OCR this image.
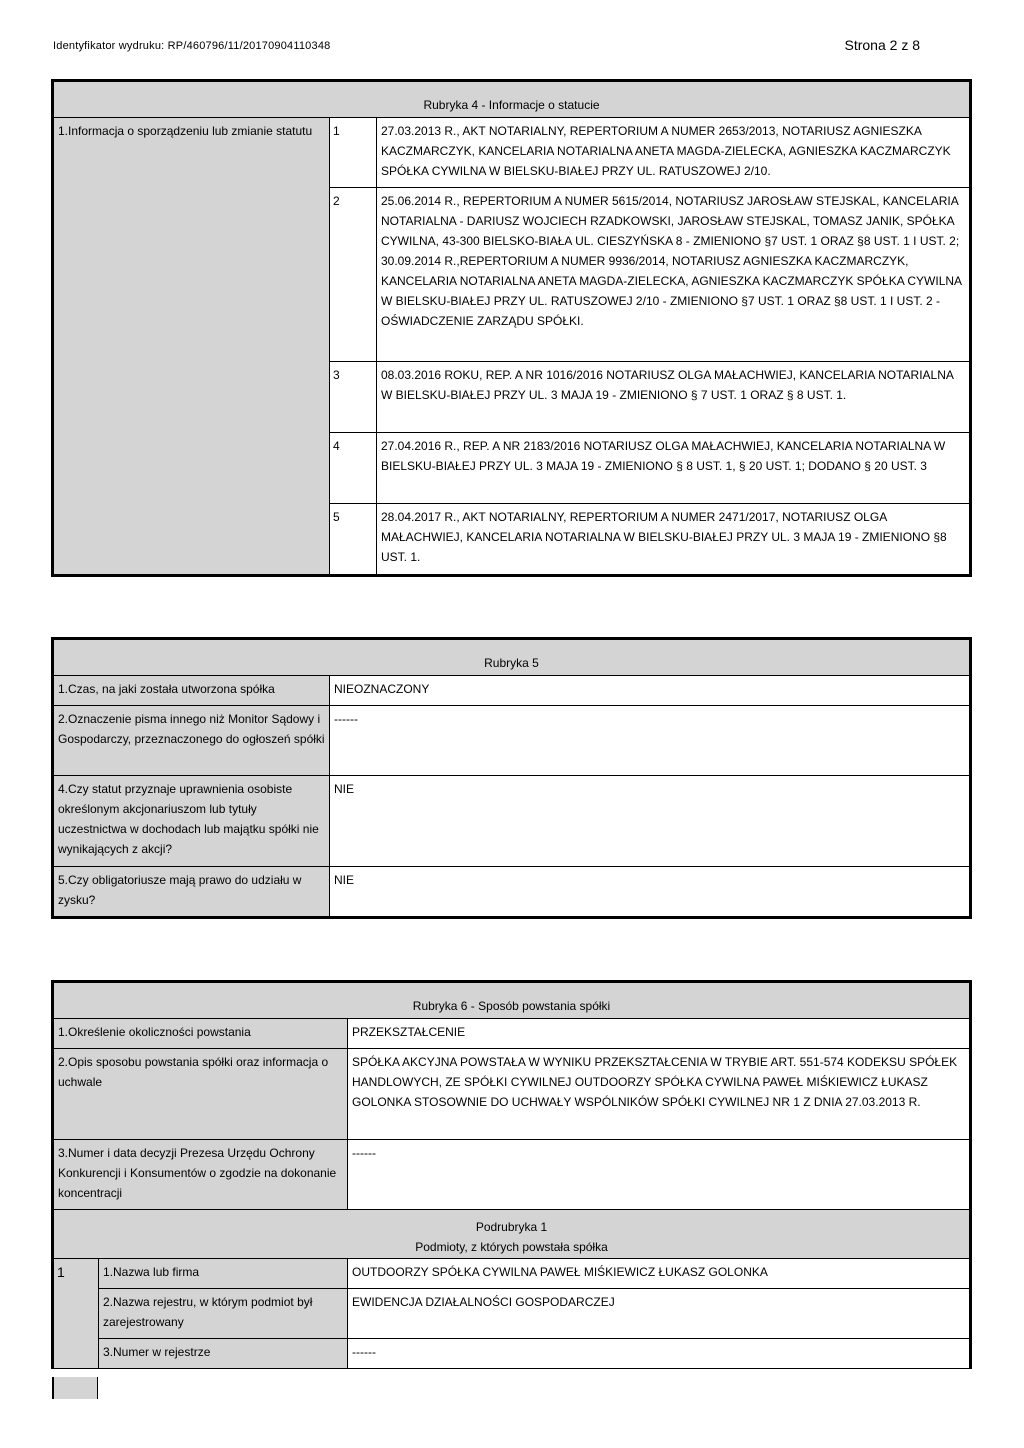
Identyfikator wydruku: RP/460796/11/20170904110348	Strona 2 z 8
Rubryka 4 - Informacje o statucie		
1.Informacja o sporządzeniu lub zmianie statutu	1	27.03.2013 R., AKT NOTARIALNY, REPERTORIUM A NUMER 2653/2013, NOTARIUSZ AGNIESZKA KACZMARCZYK, KANCELARIA NOTARIALNA ANETA MAGDA-ZIELECKA, AGNIESZKA KACZMARCZYK SPÓŁKA CYWILNA W BIELSKU-BIAŁEJ PRZY UL. RATUSZOWEJ 2/10.
	2	25.06.2014 R., REPERTORIUM A NUMER 5615/2014, NOTARIUSZ JAROSŁAW STEJSKAL, KANCELARIA NOTARIALNA - DARIUSZ WOJCIECH RZADKOWSKI, JAROSŁAW STEJSKAL, TOMASZ JANIK, SPÓŁKA CYWILNA, 43-300 BIELSKO-BIAŁA UL. CIESZYŃSKA 8 - ZMIENIONO §7 UST. 1 ORAZ §8 UST. 1 I UST. 2;
30.09.2014 R.,REPERTORIUM A NUMER 9936/2014, NOTARIUSZ AGNIESZKA KACZMARCZYK, KANCELARIA NOTARIALNA ANETA MAGDA-ZIELECKA, AGNIESZKA KACZMARCZYK SPÓŁKA CYWILNA W BIELSKU-BIAŁEJ PRZY UL. RATUSZOWEJ 2/10 - ZMIENIONO §7 UST. 1 ORAZ §8 UST. 1 I UST. 2 - OŚWIADCZENIE ZARZĄDU SPÓŁKI.

	3	08.03.2016 ROKU, REP. A NR 1016/2016 NOTARIUSZ OLGA MAŁACHWIEJ, KANCELARIA NOTARIALNA W BIELSKU-BIAŁEJ PRZY UL. 3 MAJA 19 - ZMIENIONO § 7 UST. 1 ORAZ § 8 UST. 1.
	4	27.04.2016 R., REP. A NR 2183/2016 NOTARIUSZ OLGA MAŁACHWIEJ, KANCELARIA NOTARIALNA W BIELSKU-BIAŁEJ PRZY UL. 3 MAJA 19 - ZMIENIONO § 8 UST. 1, § 20 UST. 1; DODANO § 20 UST. 3
	5	28.04.2017 R., AKT NOTARIALNY, REPERTORIUM A NUMER 2471/2017, NOTARIUSZ OLGA MAŁACHWIEJ, KANCELARIA NOTARIALNA W BIELSKU-BIAŁEJ PRZY UL. 3 MAJA 19 - ZMIENIONO §8 UST. 1.
Rubryka 5	
1.Czas, na jaki została utworzona spółka	NIEOZNACZONY
2.Oznaczenie pisma innego niż Monitor Sądowy i Gospodarczy, przeznaczonego do ogłoszeń spółki	------
4.Czy statut przyznaje uprawnienia osobiste określonym akcjonariuszom lub tytuły uczestnictwa w dochodach lub majątku spółki nie wynikających z akcji?	NIE
5.Czy obligatoriusze mają prawo do udziału w zysku?	NIE
Rubryka 6 - Sposób powstania spółki		
1.Określenie okoliczności powstania		PRZEKSZTAŁCENIE
2.Opis sposobu powstania spółki oraz informacja o uchwale		SPÓŁKA AKCYJNA POWSTAŁA W WYNIKU PRZEKSZTAŁCENIA W TRYBIE ART. 551-574 KODEKSU SPÓŁEK HANDLOWYCH, ZE SPÓŁKI CYWILNEJ OUTDOORZY SPÓŁKA CYWILNA PAWEŁ MIŚKIEWICZ ŁUKASZ GOLONKA STOSOWNIE DO UCHWAŁY WSPÓLNIKÓW SPÓŁKI CYWILNEJ NR 1 Z DNIA 27.03.2013 R.
3.Numer i data decyzji Prezesa Urzędu Ochrony Konkurencji i Konsumentów o zgodzie na dokonanie koncentracji		------

Podrubryka 1
Podmioty, z których powstała spółka		

1	1.Nazwa lub firma	OUTDOORZY SPÓŁKA CYWILNA PAWEŁ MIŚKIEWICZ ŁUKASZ GOLONKA
	2.Nazwa rejestru, w którym podmiot był zarejestrowany	EWIDENCJA DZIAŁALNOŚCI GOSPODARCZEJ
	3.Numer w rejestrze	------
